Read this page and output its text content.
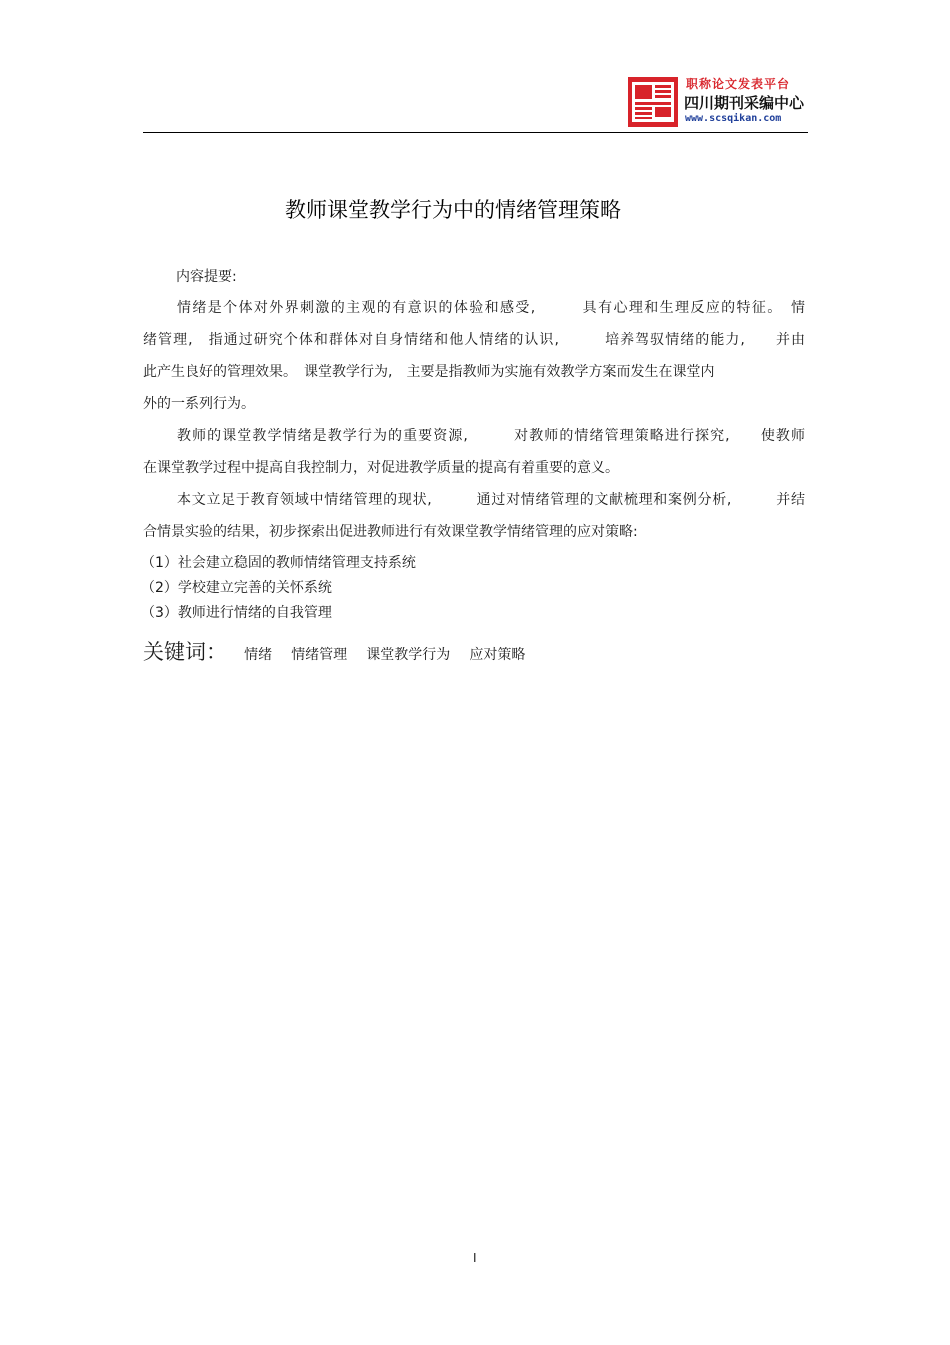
职称论文发表平台
四川期刊采编中心
www.scsqikan.com
教师课堂教学行为中的情绪管理策略
内容提要:
情绪是个体对外界刺激的主观的有意识的体验和感受,　　　具有心理和生理反应的特征。　情
绪管理,　指通过研究个体和群体对自身情绪和他人情绪的认识,　　　培养驾驭情绪的能力,　　并由
此产生良好的管理效果。　课堂教学行为,　主要是指教师为实施有效教学方案而发生在课堂内
外的一系列行为。
教师的课堂教学情绪是教学行为的重要资源,　　　对教师的情绪管理策略进行探究,　　使教师
在课堂教学过程中提高自我控制力，对促进教学质量的提高有着重要的意义。
本文立足于教育领域中情绪管理的现状,　　　通过对情绪管理的文献梳理和案例分析,　　　并结
合情景实验的结果，初步探索出促进教师进行有效课堂教学情绪管理的应对策略:
（1）社会建立稳固的教师情绪管理支持系统
（2）学校建立完善的关怀系统
（3）教师进行情绪的自我管理
关键词： 情绪 情绪管理 课堂教学行为 应对策略
I
